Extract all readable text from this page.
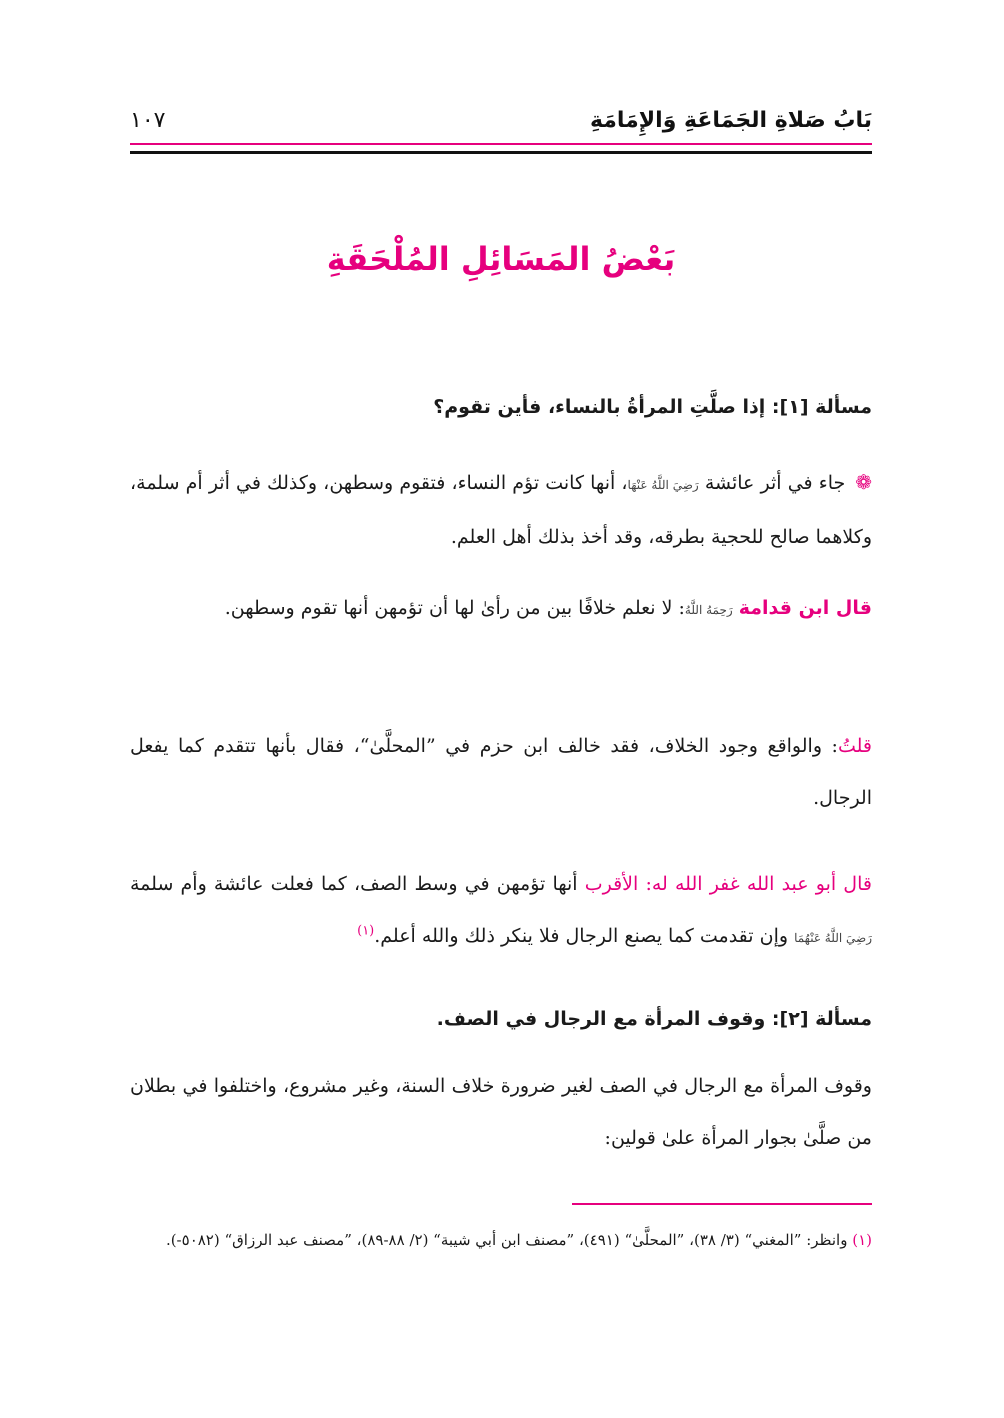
بَابُ صَلاةِ الجَمَاعَةِ وَالإِمَامَةِ
١٠٧
بَعْضُ المَسَائِلِ المُلْحَقَةِ
مسألة [١]: إذا صلَّتِ المرأةُ بالنساء، فأين تقوم؟
❁جاء في أثر عائشة رَضِيَ اللَّهُ عَنْهَا، أنها كانت تؤم النساء، فتقوم وسطهن، وكذلك في أثر أم سلمة، وكلاهما صالح للحجية بطرقه، وقد أخذ بذلك أهل العلم.
قال ابن قدامة رَحِمَهُ اللَّهُ: لا نعلم خلافًا بين من رأىٰ لها أن تؤمهن أنها تقوم وسطهن.
قلتُ: والواقع وجود الخلاف، فقد خالف ابن حزم في ”المحلَّىٰ“، فقال بأنها تتقدم كما يفعل الرجال.
قال أبو عبد الله غفر الله له: الأقرب أنها تؤمهن في وسط الصف، كما فعلت عائشة وأم سلمة رَضِيَ اللَّهُ عَنْهُمَا وإن تقدمت كما يصنع الرجال فلا ينكر ذلك والله أعلم.$^{(١)}$
مسألة [٢]: وقوف المرأة مع الرجال في الصف.
وقوف المرأة مع الرجال في الصف لغير ضرورة خلاف السنة، وغير مشروع، واختلفوا في بطلان من صلَّىٰ بجوار المرأة علىٰ قولين:
(١) وانظر: ”المغني“ (٣/ ٣٨)، ”المحلَّىٰ“ (٤٩١)، ”مصنف ابن أبي شيبة“ (٢/ ٨٨-٨٩)، ”مصنف عبد الرزاق“ (٥٠٨٢-).
